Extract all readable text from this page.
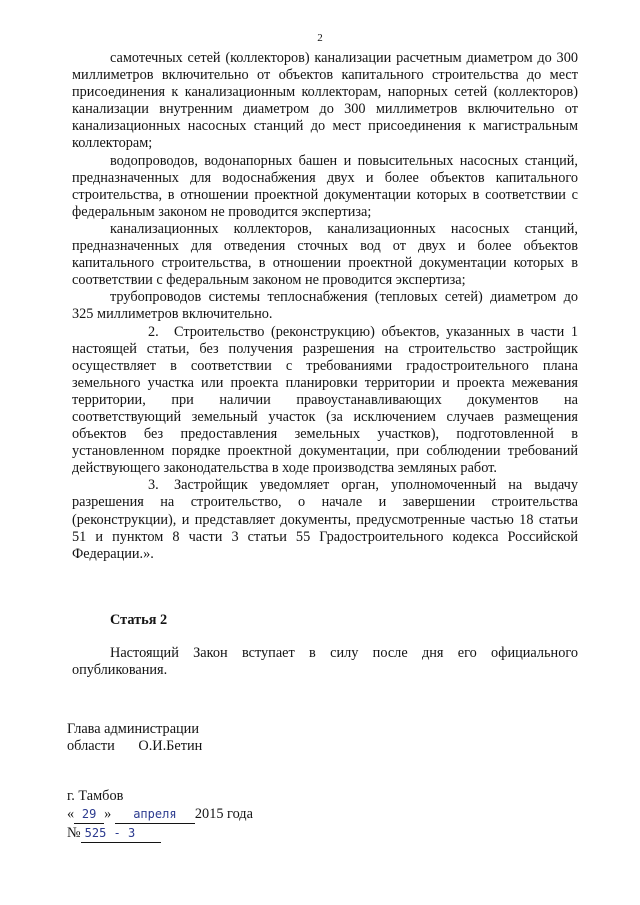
2

самотечных сетей (коллекторов) канализации расчетным диаметром до 300 миллиметров включительно от объектов капитального строительства до мест присоединения к канализационным коллекторам, напорных сетей (коллекторов) канализации внутренним диаметром до 300 миллиметров включительно от канализационных насосных станций до мест присоединения к магистральным коллекторам;

водопроводов, водонапорных башен и повысительных насосных станций, предназначенных для водоснабжения двух и более объектов капитального строительства, в отношении проектной документации которых в соответствии с федеральным законом не проводится экспертиза;

канализационных коллекторов, канализационных насосных станций, предназначенных для отведения сточных вод от двух и более объектов капитального строительства, в отношении проектной документации которых в соответствии с федеральным законом не проводится экспертиза;

трубопроводов системы теплоснабжения (тепловых сетей) диаметром до 325 миллиметров включительно.

2. Строительство (реконструкцию) объектов, указанных в части 1 настоящей статьи, без получения разрешения на строительство застройщик осуществляет в соответствии с требованиями градостроительного плана земельного участка или проекта планировки территории и проекта межевания территории, при наличии правоустанавливающих документов на соответствующий земельный участок (за исключением случаев размещения объектов без предоставления земельных участков), подготовленной в установленном порядке проектной документации, при соблюдении требований действующего законодательства в ходе производства земляных работ.

3. Застройщик уведомляет орган, уполномоченный на выдачу разрешения на строительство, о начале и завершении строительства (реконструкции), и представляет документы, предусмотренные частью 18 статьи 51 и пунктом 8 части 3 статьи 55 Градостроительного кодекса Российской Федерации.».

Статья 2

Настоящий Закон вступает в силу после дня его официального опубликования.

Глава администрации
области О.И.Бетин
г. Тамбов
« 29 » апреля 2015 года
№ 525 - 3
